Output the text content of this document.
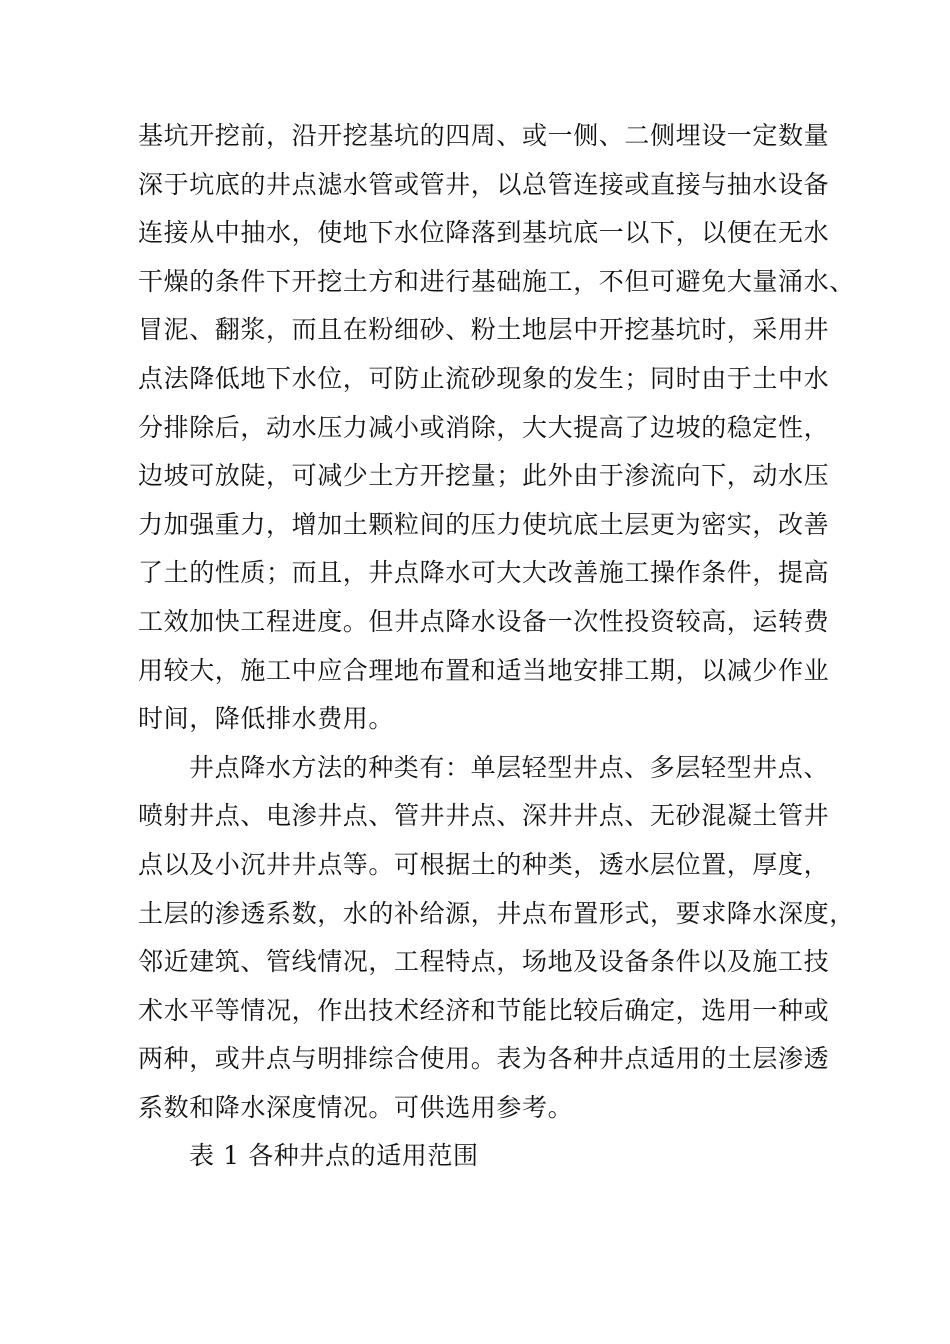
基坑开挖前，沿开挖基坑的四周、或一侧、二侧埋设一定数量
深于坑底的井点滤水管或管井，以总管连接或直接与抽水设备
连接从中抽水，使地下水位降落到基坑底一以下，以便在无水
干燥的条件下开挖土方和进行基础施工，不但可避免大量涌水、
冒泥、翻浆，而且在粉细砂、粉土地层中开挖基坑时，采用井
点法降低地下水位，可防止流砂现象的发生；同时由于土中水
分排除后，动水压力减小或消除，大大提高了边坡的稳定性，
边坡可放陡，可减少土方开挖量；此外由于渗流向下，动水压
力加强重力，增加土颗粒间的压力使坑底土层更为密实，改善
了土的性质；而且，井点降水可大大改善施工操作条件，提高
工效加快工程进度。但井点降水设备一次性投资较高，运转费
用较大，施工中应合理地布置和适当地安排工期，以减少作业
时间，降低排水费用。
井点降水方法的种类有：单层轻型井点、多层轻型井点、
喷射井点、电渗井点、管井井点、深井井点、无砂混凝土管井
点以及小沉井井点等。可根据土的种类，透水层位置，厚度，
土层的渗透系数，水的补给源，井点布置形式，要求降水深度，
邻近建筑、管线情况，工程特点，场地及设备条件以及施工技
术水平等情况，作出技术经济和节能比较后确定，选用一种或
两种，或井点与明排综合使用。表为各种井点适用的土层渗透
系数和降水深度情况。可供选用参考。
表 1 各种井点的适用范围
